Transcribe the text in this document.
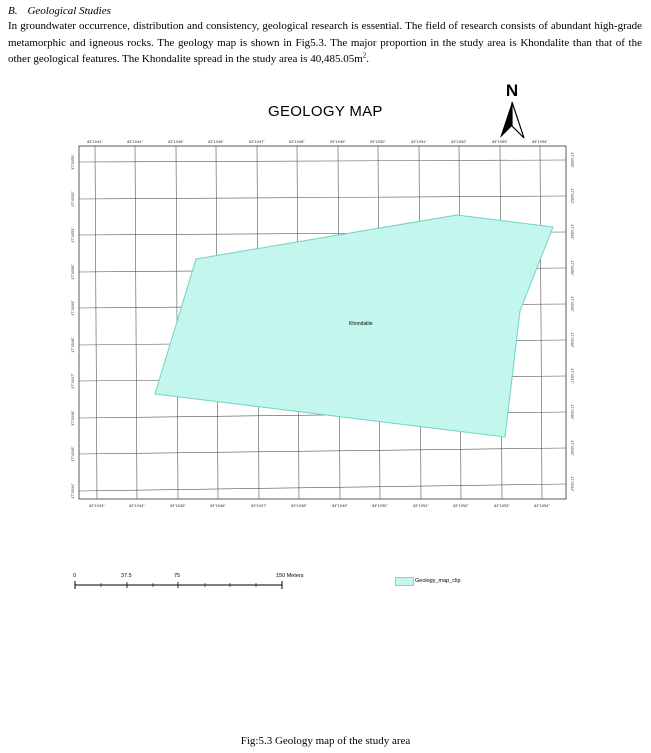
B. Geological Studies
In groundwater occurrence, distribution and consistency, geological research is essential. The field of research consists of abundant high-grade metamorphic and igneous rocks. The geology map is shown in Fig5.3. The major proportion in the study area is Khondalite than that of the other geological features. The Khondalite spread in the study area is $40,485.05m^2$.
GEOLOGY MAP
N
83°19'41"	83°19'44"	83°19'46"	83°19'46"	83°19'47"	83°19'48"	83°19'49"	83°19'50"	83°19'51"	83°19'52"	83°19'53"	83°19'54"
83°19'43"	83°19'44"	83°19'45"	83°19'46"	83°19'47"	83°19'48"	83°19'49"	83°19'50"	83°19'51"	83°19'52"	83°19'53"	83°19'54"
17°43'53"
17°43'52"
17°43'51"
17°43'50"
17°43'49"
17°43'48"
17°43'47"
17°43'46"
17°43'45"
17°43'44"
17°43'53"
17°43'52"
17°43'51"
17°43'50"
17°43'49"
17°43'48"
17°43'47"
17°43'46"
17°43'45"
17°43'44"
Khondalite
0	37.5	75	150 Meters
Geology_map_clip
Fig:5.3 Geology map of the study area
